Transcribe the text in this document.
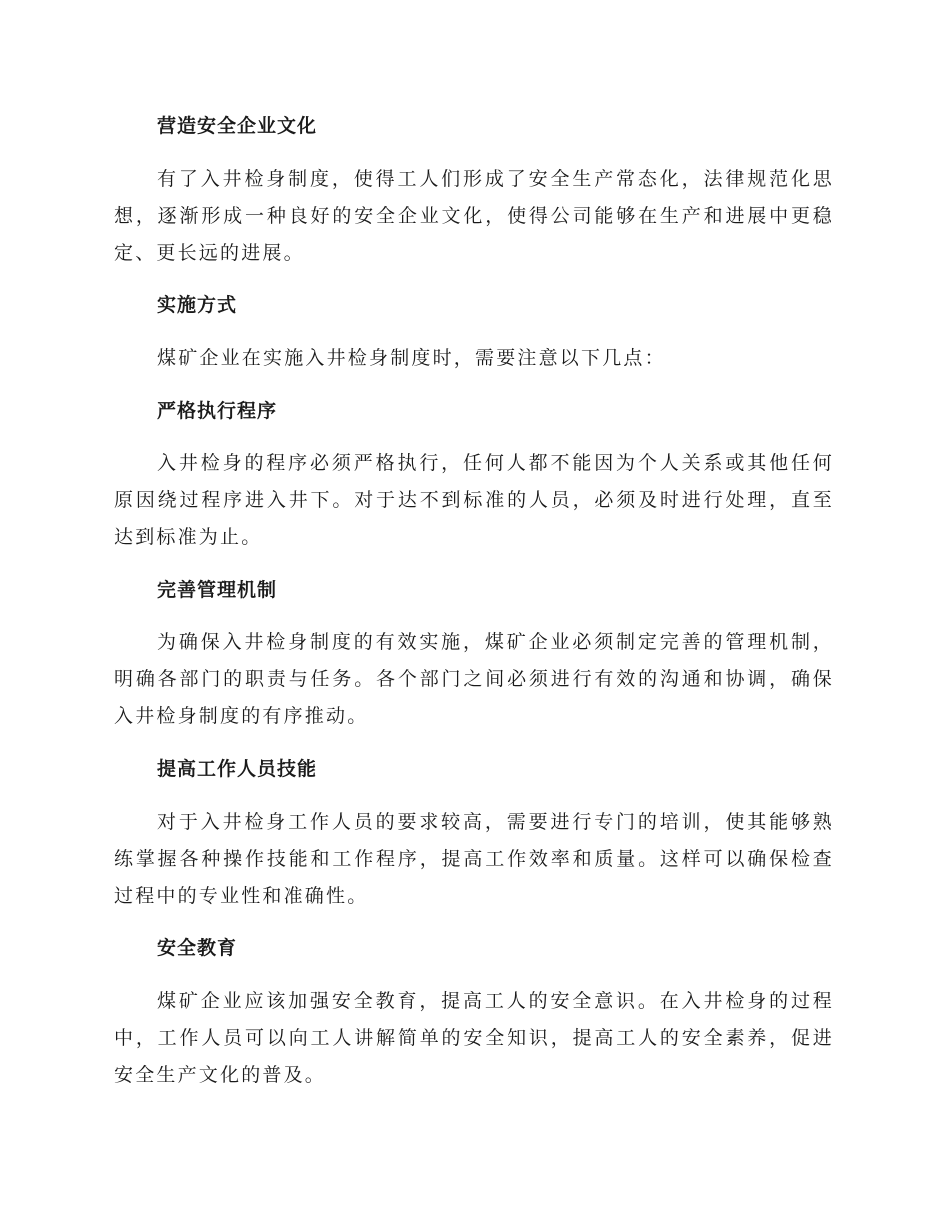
营造安全企业文化

有了入井检身制度，使得工人们形成了安全生产常态化，法律规范化思想，逐渐形成一种良好的安全企业文化，使得公司能够在生产和进展中更稳定、更长远的进展。

实施方式

煤矿企业在实施入井检身制度时，需要注意以下几点：

严格执行程序

入井检身的程序必须严格执行，任何人都不能因为个人关系或其他任何原因绕过程序进入井下。对于达不到标准的人员，必须及时进行处理，直至达到标准为止。

完善管理机制

为确保入井检身制度的有效实施，煤矿企业必须制定完善的管理机制，明确各部门的职责与任务。各个部门之间必须进行有效的沟通和协调，确保入井检身制度的有序推动。

提高工作人员技能

对于入井检身工作人员的要求较高，需要进行专门的培训，使其能够熟练掌握各种操作技能和工作程序，提高工作效率和质量。这样可以确保检查过程中的专业性和准确性。

安全教育

煤矿企业应该加强安全教育，提高工人的安全意识。在入井检身的过程中，工作人员可以向工人讲解简单的安全知识，提高工人的安全素养，促进安全生产文化的普及。
